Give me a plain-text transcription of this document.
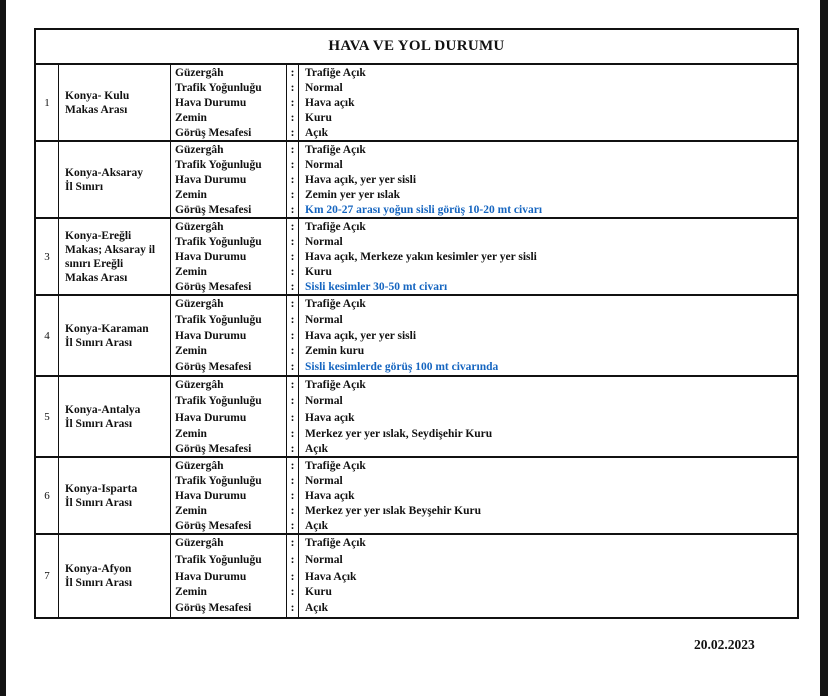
HAVA VE YOL DURUMU
1
Konya- Kulu
Makas Arası
Güzergâh
Trafik Yoğunluğu
Hava Durumu
Zemin
Görüş Mesafesi
:
:
:
:
:
Trafiğe Açık
Normal
Hava açık
Kuru
Açık
Konya-Aksaray
İl Sınırı
Güzergâh
Trafik Yoğunluğu
Hava Durumu
Zemin
Görüş Mesafesi
:
:
:
:
:
Trafiğe Açık
Normal
Hava açık, yer yer sisli
Zemin yer yer ıslak
Km 20-27 arası yoğun sisli görüş 10-20 mt civarı
3
Konya-Ereğli
Makas; Aksaray il
sınırı Ereğli
Makas Arası
Güzergâh
Trafik Yoğunluğu
Hava Durumu
Zemin
Görüş Mesafesi
:
:
:
:
:
Trafiğe Açık
Normal
Hava açık, Merkeze yakın kesimler yer yer sisli
Kuru
Sisli kesimler 30-50 mt civarı
4
Konya-Karaman
İl Sınırı Arası
Güzergâh
Trafik Yoğunluğu
Hava Durumu
Zemin
Görüş Mesafesi
:
:
:
:
:
Trafiğe Açık
Normal
Hava açık, yer yer sisli
Zemin kuru
Sisli kesimlerde görüş 100 mt civarında
5
Konya-Antalya
İl Sınırı Arası
Güzergâh
Trafik Yoğunluğu
Hava Durumu
Zemin
Görüş Mesafesi
:
:
:
:
:
Trafiğe Açık
Normal
Hava açık
Merkez yer yer ıslak, Seydişehir Kuru
Açık
6
Konya-Isparta
İl Sınırı Arası
Güzergâh
Trafik Yoğunluğu
Hava Durumu
Zemin
Görüş Mesafesi
:
:
:
:
:
Trafiğe Açık
Normal
Hava açık
Merkez yer yer ıslak Beyşehir Kuru
Açık
7
Konya-Afyon
İl Sınırı Arası
Güzergâh
Trafik Yoğunluğu
Hava Durumu
Zemin
Görüş Mesafesi
:
:
:
:
:
Trafiğe Açık
Normal
Hava Açık
Kuru
Açık
20.02.2023
